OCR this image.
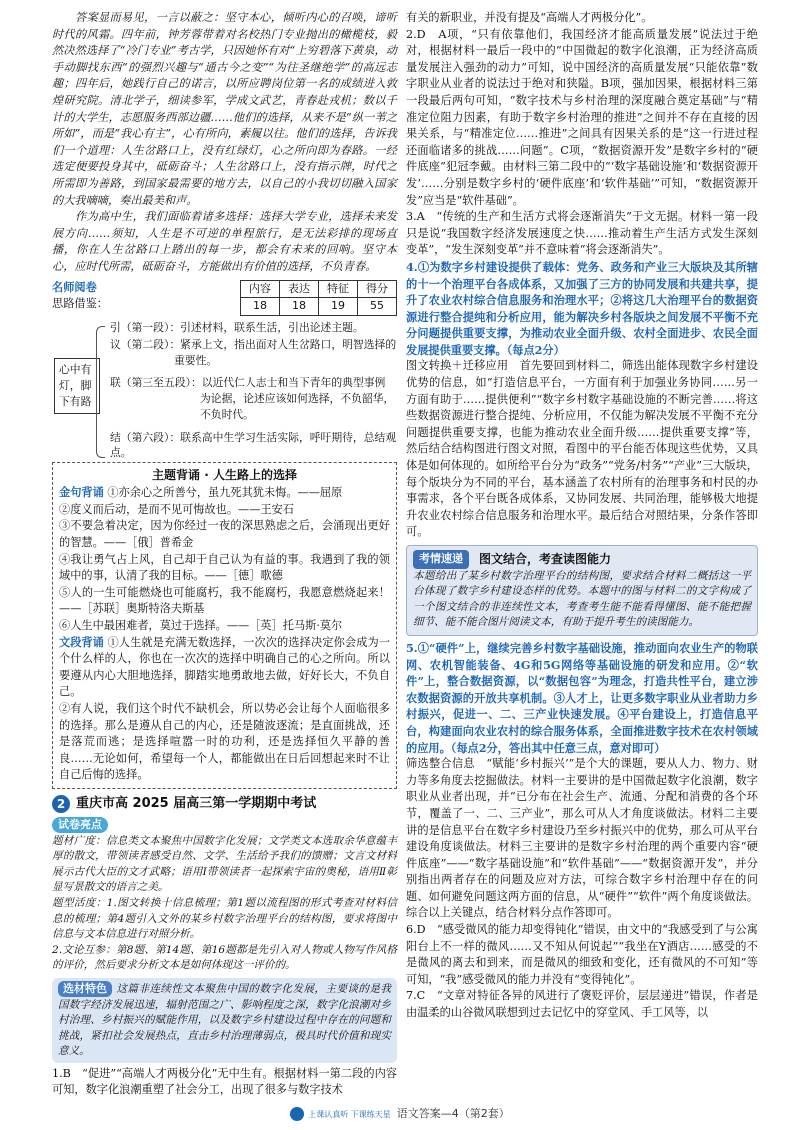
　　答案显而易见，一言以蔽之：坚守本心，倾听内心的召唤，谛听时代的风霜。四年前，钟芳蓉带着对名校热门专业抛出的橄榄枝，毅然决然选择了“冷门专业”考古学，只因她怀有对“上穷碧落下黄泉，动手动脚找东西”的强烈兴趣与“通古今之变”“为往圣继绝学”的高远志趣；四年后，她践行自己的诺言，以所应聘岗位第一名的成绩进入敦煌研究院。清北学子，细读参军，学成文武艺，青春赴戎机；数以千计的大学生，志愿服务西部边疆……他们的选择，从来不是“纵一苇之所如”，而是“我心有主”，心有所向，素履以往。他们的选择，告诉我们一个道理：人生岔路口上，没有红绿灯，心之所向即为春路。一经选定便要投身其中，砥砺奋斗；人生岔路口上，没有指示牌，时代之所需即为善路，到国家最需要的地方去，以自己的小我切切融入国家的大我嘀嘀，奏出最美和声。

　　作为高中生，我们面临着诸多选择：选择大学专业，选择未来发展方向……须知，人生是不可逆的单程旅行，是无法彩排的现场直播，你在人生岔路口上踏出的每一步，都会有未来的回响。坚守本心，应时代所需，砥砺奋斗，方能做出有价值的选择，不负青春。

名师阅卷
思路借鉴：
内容	表达	特征	得分
18	18	19	55
心中有灯，脚下有路
引（第一段）：引述材料，联系生活，引出论述主题。
议（第二段）：紧承上文，指出面对人生岔路口，明智选择的
重要性。
联（第三至五段）：以近代仁人志士和当下青年的典型事例
为论据，论述应该如何选择，不负韶华，
不负时代。
结（第六段）：联系高中生学习生活实际，呼吁期待，总结观点。
主题背诵 · 人生路上的选择

金句背诵 ①亦余心之所善兮，虽九死其犹未悔。——屈原

②度义而后动，是而不见可悔故也。——王安石

③不要急着决定，因为你经过一夜的深思熟虑之后，会涌现出更好的智慧。——［俄］普希金

④我让勇气占上风，自己却于自己认为有益的事。我遇到了我的领域中的事，认清了我的目标。——［德］歌德

⑤人的一生可能燃烧也可能腐朽，我不能腐朽，我愿意燃烧起来！——［苏联］奥斯特洛夫斯基

⑥人生中最困难者，莫过于选择。——［英］托马斯·莫尔

文段背诵 ①人生就是充满无数选择，一次次的选择决定你会成为一个什么样的人，你也在一次次的选择中明确自己的心之所向。所以要遵从内心大胆地选择，脚踏实地勇敢地去做，好好长大，不负自己。

②有人说，我们这个时代不缺机会，所以势必会让每个人面临很多的选择。那么是遵从自己的内心，还是随波逐流；是直面挑战，还是落荒而逃；是选择喧嚣一时的功利，还是选择恒久平静的善良……无论如何，希望每一个人，都能做出在日后回想起来时不让自己后悔的选择。

2 重庆市高 2025 届高三第一学期期中考试
试卷亮点

题材广度：信息类文本聚焦中国数字化发展；文学类文本选取余华意蕴丰厚的散文，带领读者感受自然、文学、生活给予我们的馈赠；文言文材料展示古代大臣的文才武略；语用Ⅰ带领读者一起探索宇宙的奥秘，语用Ⅱ彰显写景散文的语言之美。

题型活度：1.图文转换十信息梳理；第1题以流程图的形式考查对材料信息的梳理；第4题引入文外的某乡村数字治理平台的结构图，要求将图中信息与文本信息进行对照分析。

2.文论互参：第8题、第14题、第16题都是先引入对人物或人物写作风格的评价，然后要求分析文本是如何体现这一评价的。

选材特色 这篇非连续性文本聚焦中国的数字化发展，主要谈的是我国数字经济发展迅速，辐射范围之广、影响程度之深，数字化浪潮对乡村治理、乡村振兴的赋能作用，以及数字乡村建设过程中存在的问题和挑战，紧扣社会发展热点，直击乡村治理薄弱点，极具时代价值和现实意义。

1.B　“促进”“高端人才两极分化”无中生有。根据材料一第二段的内容可知，数字化浪潮重塑了社会分工，出现了很多与数字技术

有关的新职业，并没有提及“高端人才两极分化”。

2.D　A项，“只有依靠他们，我国经济才能高质量发展”说法过于绝对，根据材料一最后一段中的“中国微起的数字化浪潮，正为经济高质量发展注入强劲的动力”可知，说中国经济的高质量发展“只能依靠”数字职业从业者的说法过于绝对和狭隘。B项，强加因果，根据材料三第一段最后两句可知，“数字技术与乡村治理的深度融合奠定基础”与“精准定位阻力因素，有助于数字乡村治理的推进”之间并不存在直接的因果关系，与“精准定位……推进”之间具有因果关系的是“这一行进过程还面临诸多的挑战……问题”。C项，“数据资源开发”是数字乡村的“硬件底座”犯冠李戴。由材料三第二段中的“‘数字基础设施’和‘数据资源开发’……分别是数字乡村的‘硬件底座’和‘软件基础’”可知，“数据资源开发”应当是“软件基础”。

3.A　“传统的生产和生活方式将会逐渐消失”于文无据。材料一第一段只是说“我国数字经济发展速度之快……推动着生产生活方式发生深刻变革”，“发生深刻变革”并不意味着“将会逐渐消失”。

4.①为数字乡村建设提供了载体：党务、政务和产业三大版块及其所辖的十一个治理平台各成体系，又加强了三方的协同发展和共建共享，提升了农业农村综合信息服务和治理水平；②将这几大治理平台的数据资源进行整合提纯和分析应用，能为解决乡村各版块之间发展不平衡不充分问题提供重要支撑，为推动农业全面升级、农村全面进步、农民全面发展提供重要支撑。（每点2分）

图文转换＋迁移应用　首先要回到材料二，筛选出能体现数字乡村建设优势的信息，如“打造信息平台，一方面有利于加强业务协同……另一方面有助于……提供便利”“数字乡村数字基础设施的不断完善……将这些数据资源进行整合提纯、分析应用，不仅能为解决发展不平衡不充分问题提供重要支撑，也能为推动农业全面升级……提供重要支撑”等，然后结合结构图进行图文对照，看图中的平台能否体现这些优势，又具体是如何体现的。如所给平台分为“政务”“党务/村务”“产业”三大版块，每个版块分为不同的平台，基本涵盖了农村所有的治理事务和村民的办事需求，各个平台既各成体系，又协同发展、共同治理，能够极大地提升农业农村综合信息服务和治理水平。最后结合对照结果，分条作答即可。

考情速递	图文结合，考查读图能力

本题给出了某乡村数字治理平台的结构图，要求结合材料二概括这一平台体现了数字乡村建设态样的优势。本题中的图与材料二的文字构成了一个图文结合的非连续性文本，考查考生能不能看得懂图、能不能把握细节、能不能合图片阅读文本，有助于提升考生的读图能力。

5.①“硬件”上，继续完善乡村数字基础设施，推动面向农业生产的物联网、农机智能装备、4G和5G网络等基础设施的研发和应用。②“软件”上，整合数据资源，以“数据包容”为理念，打造共性平台，建立涉农数据资源的开放共享机制。③人才上，让更多数字职业从业者助力乡村振兴，促进一、二、三产业快速发展。④平台建设上，打造信息平台，构建面向农业农村的综合服务体系，全面推进数字技术在农村领域的应用。（每点2分，答出其中任意三点，意对即可）

筛选整合信息　“赋能‘乡村振兴’”是个大的课题，要从人力、物力、财力等多角度去挖掘做法。材料一主要讲的是中国微起数字化浪潮，数字职业从业者出现，并“已分布在社会生产、流通、分配和消费的各个环节，覆盖了一、二、三产业”，那么可从人才角度谈做法。材料二主要讲的是信息平台在数字乡村建设乃至乡村振兴中的优势，那么可从平台建设角度谈做法。材料三主要讲的是数字乡村治理的两个重要内容“硬件底座”——“数字基础设施”和“软件基础”——“数据资源开发”，并分别指出两者存在的问题及应对方法，可综合数字乡村治理中存在的问题、如何避免问题这两方面的信息，从“硬件”“软件”两个角度谈做法。综合以上关键点，结合材料分点作答即可。

6.D　“感受微风的能力却变得钝化”错误，由文中的“我感受到了与公寓阳台上不一样的微风……又不知从何说起”“我坐在Y酒店……感受的不是微风的离去和到来，而是微风的细致和变化，还有微风的不可知”等可知，“我”感受微风的能力并没有“变得钝化”。

7.C　“文章对特征各异的风进行了褒贬评价，层层递进”错误，作者是由温柔的山谷微风联想到过去记忆中的穿堂风、手工风等，以

上课认真听 下课练天星 语文答案—4（第2套）
